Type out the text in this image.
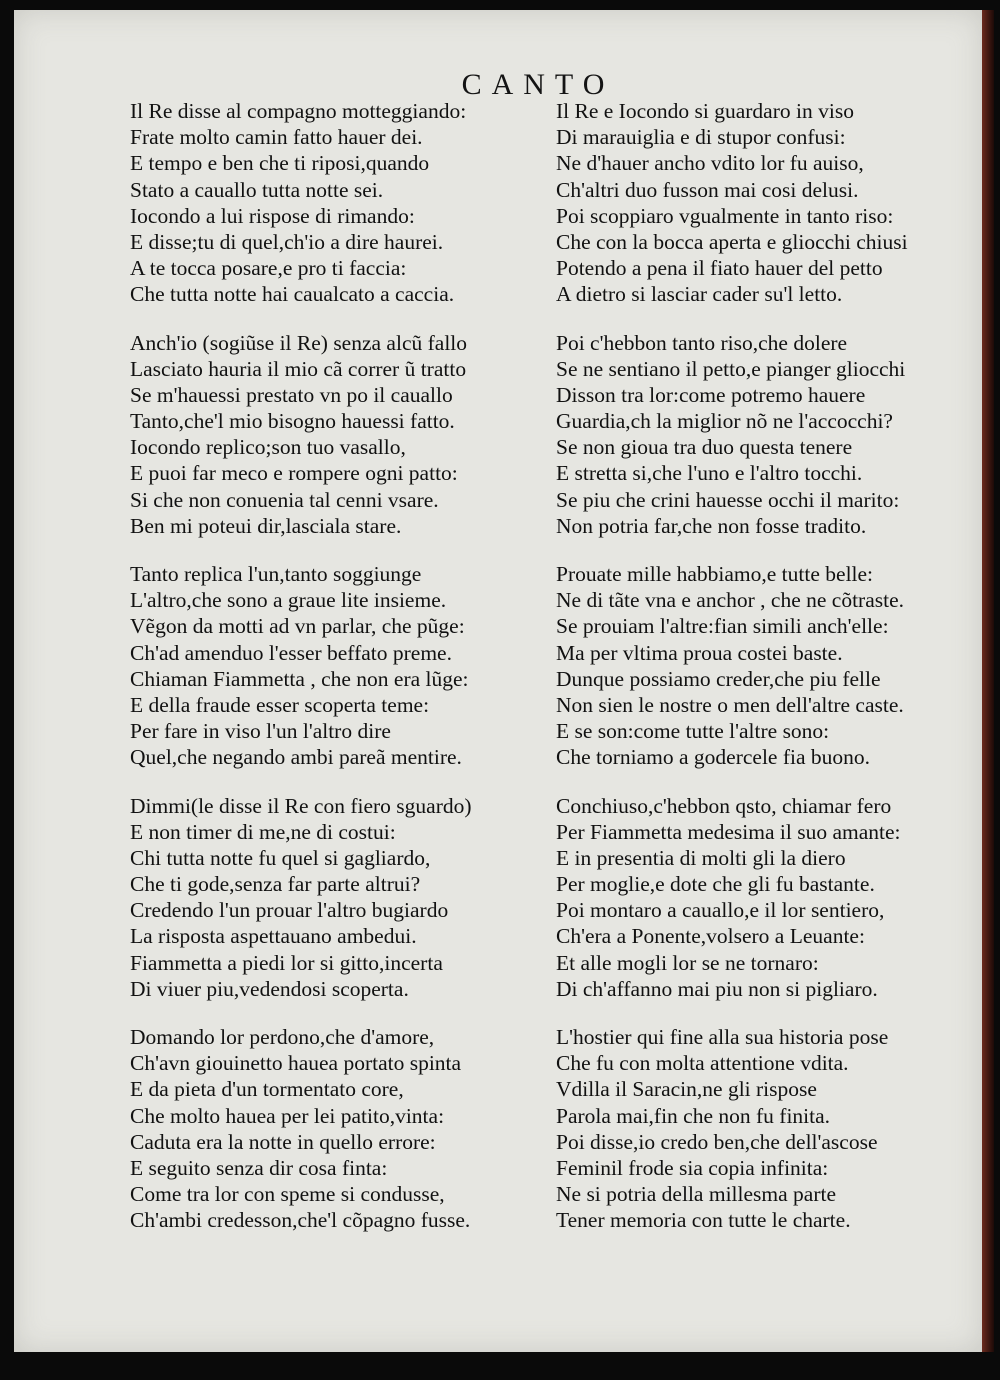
CANTO
Il Re disse al compagno motteggiando:
Frate molto camin fatto hauer dei.
E tempo e ben che ti riposi,quando
Stato a cauallo tutta notte sei.
Iocondo a lui rispose di rimando:
E disse;tu di quel,ch'io a dire haurei.
A te tocca posare,e pro ti faccia:
Che tutta notte hai caualcato a caccia.
Anch'io (sogiũse il Re) senza alcũ fallo
Lasciato hauria il mio cã correr ũ tratto
Se m'hauessi prestato vn po il cauallo
Tanto,che'l mio bisogno hauessi fatto.
Iocondo replico;son tuo vasallo,
E puoi far meco e rompere ogni patto:
Si che non conuenia tal cenni vsare.
Ben mi poteui dir,lasciala stare.
Tanto replica l'un,tanto soggiunge
L'altro,che sono a graue lite insieme.
Vẽgon da motti ad vn parlar, che pũge:
Ch'ad amenduo l'esser beffato preme.
Chiaman Fiammetta , che non era lũge:
E della fraude esser scoperta teme:
Per fare in viso l'un l'altro dire
Quel,che negando ambi pareã mentire.
Dimmi(le disse il Re con fiero sguardo)
E non timer di me,ne di costui:
Chi tutta notte fu quel si gagliardo,
Che ti gode,senza far parte altrui?
Credendo l'un prouar l'altro bugiardo
La risposta aspettauano ambedui.
Fiammetta a piedi lor si gitto,incerta
Di viuer piu,vedendosi scoperta.
Domando lor perdono,che d'amore,
Ch'avn giouinetto hauea portato spinta
E da pieta d'un tormentato core,
Che molto hauea per lei patito,vinta:
Caduta era la notte in quello errore:
E seguito senza dir cosa finta:
Come tra lor con speme si condusse,
Ch'ambi credesson,che'l cõpagno fusse.
Il Re e Iocondo si guardaro in viso
Di marauiglia e di stupor confusi:
Ne d'hauer ancho vdito lor fu auiso,
Ch'altri duo fusson mai cosi delusi.
Poi scoppiaro vgualmente in tanto riso:
Che con la bocca aperta e gliocchi chiusi
Potendo a pena il fiato hauer del petto
A dietro si lasciar cader su'l letto.
Poi c'hebbon tanto riso,che dolere
Se ne sentiano il petto,e pianger gliocchi
Disson tra lor:come potremo hauere
Guardia,ch la miglior nõ ne l'accocchi?
Se non gioua tra duo questa tenere
E stretta si,che l'uno e l'altro tocchi.
Se piu che crini hauesse occhi il marito:
Non potria far,che non fosse tradito.
Prouate mille habbiamo,e tutte belle:
Ne di tãte vna e anchor , che ne cõtraste.
Se prouiam l'altre:fian simili anch'elle:
Ma per vltima proua costei baste.
Dunque possiamo creder,che piu felle
Non sien le nostre o men dell'altre caste.
E se son:come tutte l'altre sono:
Che torniamo a godercele fia buono.
Conchiuso,c'hebbon qsto, chiamar fero
Per Fiammetta medesima il suo amante:
E in presentia di molti gli la diero
Per moglie,e dote che gli fu bastante.
Poi montaro a cauallo,e il lor sentiero,
Ch'era a Ponente,volsero a Leuante:
Et alle mogli lor se ne tornaro:
Di ch'affanno mai piu non si pigliaro.
L'hostier qui fine alla sua historia pose
Che fu con molta attentione vdita.
Vdilla il Saracin,ne gli rispose
Parola mai,fin che non fu finita.
Poi disse,io credo ben,che dell'ascose
Feminil frode sia copia infinita:
Ne si potria della millesma parte
Tener memoria con tutte le charte.
